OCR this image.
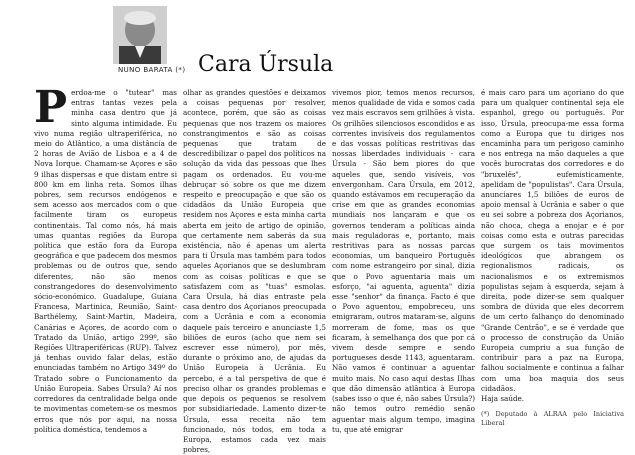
NUNO BARATA (*) Cara Úrsula
P erdoa-me o "tutear" mas entras tantas vezes pela minha casa dentro que já sinto alguma intimidade. Eu vivo numa região ultraperiférica, no meio do Atlântico, a uma distância de 2 horas de Avião de Lisboa e a 4 de Nova Iorque. Chamam-se Açores e são 9 ilhas dispersas e que distam entre si 800 km em linha reta. Somos ilhas pobres, sem recursos endógenos e sem acesso aos mercados com o que facilmente tiram os europeus continentais. Tal como nós, há mais umas quantas regiões da Europa política que estão fora da Europa geográfica e que padecem dos mesmos problemas ou de outros que, sendo diferentes, não são menos constrangedores do desenvolvimento sócio-económico. Guadalupe, Guiana Francesa, Martinica, Reunião, Saint-Barthélemy, Saint-Martin, Madeira, Canárias e Açores, de acordo com o Tratado da União, artigo 299º, são Regiões Ultraperiféricas (RUP). Talvez já tenhas ouvido falar delas, estão enunciadas também no Artigo 349º do Tratado sobre o Funcionamento da União Europeia. Sabes Úrsula? Aí nos corredores da centralidade belga onde te movimentas cometem-se os mesmos erros que nós por aqui, na nossa política doméstica, tendemos a
olhar as grandes questões e deixamos a coisas pequenas por resolver, acontece, porém, que são as coisas pequenas que nos trazem os maiores constrangimentos e são as coisas pequenas que tratam de descredibilizar o papel dos políticos na solução da vida das pessoas que lhes pagam os ordenados. Eu vou-me debruçar só sobre os que me dizem respeito e preocupação e que são os cidadãos da União Europeia que residem nos Açores e esta minha carta aberta em jeito de artigo de opinião, que certamente nem saberás da sua existência, não é apenas um alerta para ti Úrsula mas também para todos aqueles Açorianos que se deslumbram com as coisas políticas e que se satisfazem com as "tuas" esmolas. Cara Úrsula, há dias entraste pela casa dentro dos Açorianos preocupada com a Ucrânia e com a economia daquele país terceiro e anunciaste 1,5 biliões de euros (acho que nem sei escrever esse número), por mês, durante o próximo ano, de ajudas da União Europeia à Ucrânia. Eu percebo, é a tal perspetiva de que é preciso olhar os grandes problemas e que depois os pequenos se resolvem por subsidiariedade. Lamento dizer-te Úrsula, essa receita não tem funcionado, nós todos, em toda a Europa, estamos cada vez mais pobres,
vivemos pior, temos menos recursos, menos qualidade de vida e somos cada vez mais escravos sem grilhões à vista. Os grilhões silenciosos escondidos e as correntes invisíveis dos regulamentos e das vossas políticas restritivas das nossas liberdades individuais - cara Úrsula - São bem piores do que aqueles que, sendo visíveis, vos envergonham. Cara Úrsula, em 2012, quando estávamos em recuperação da crise em que as grandes economias mundiais nos lançaram e que os governos tenderam a políticas ainda mais reguladoras e, portanto, mais restritivas para as nossas parcas economias, um banqueiro Português com nome estrangeiro por sinal, dizia que o Povo aguentaria mais um esforço, "ai aguenta, aguenta" dizia esse "senhor" da finança. Facto é que o Povo aguentou, empobreceu, uns emigraram, outros mataram-se, alguns morreram de fome, mas os que ficaram, à semelhança dos que por cá vivem desde sempre e sendo portugueses desde 1143, aguentaram. Não vamos é continuar a aguentar muito mais. No caso aqui destas Ilhas que dão dimensão atlântica à Europa (sabes isso o que é, não sabes Úrsula?) não temos outro remédio senão aguentar mais algum tempo, imagina tu, que até emigrar
é mais caro para um açoriano do que para um qualquer continental seja ele espanhol, grego ou português. Por isso, Úrsula, preocupa-me essa forma como a Europa que tu diriges nos encaminha para um perigoso caminho e nos entrega na mão daqueles a que vocês burocratas dos corredores e do "bruxelês", eufemisticamente, apelidam de "populistas". Cara Úrsula, anunciares 1,5 biliões de euros de apoio mensal à Ucrânia e saber o que eu sei sobre a pobreza dos Açorianos, não choca, chega a enojar e é por coisas como esta e outras parecidas que surgem os tais movimentos ideológicos que abrangem os regionalismos radicais, os nacionalismos e os extremismos populistas sejam à esquerda, sejam à direita, pode dizer-se sem qualquer sombra de dúvida que eles decorrem de um certo falhanço do denominado "Grande Centrão", e se é verdade que o processo de construção da União Europeia cumpriu a sua função de contribuir para a paz na Europa, falhou socialmente e continua a falhar com uma boa maquia dos seus cidadãos.
Haja saúde.
(*) Deputado à ALRAA pelo Iniciativa Liberal
